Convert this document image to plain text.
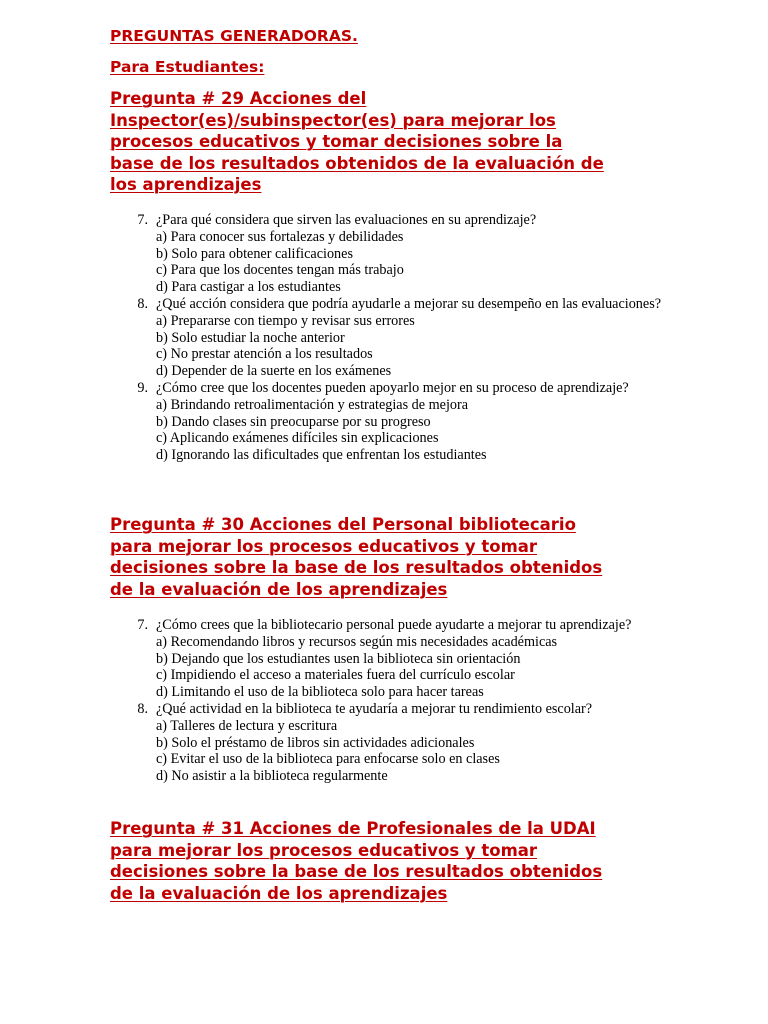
PREGUNTAS GENERADORAS.

Para Estudiantes:

Pregunta # 29 Acciones del
Inspector(es)/subinspector(es) para mejorar los
procesos educativos y tomar decisiones sobre la
base de los resultados obtenidos de la evaluación de
los aprendizajes

7. ¿Para qué considera que sirven las evaluaciones en su aprendizaje?
a) Para conocer sus fortalezas y debilidades
b) Solo para obtener calificaciones
c) Para que los docentes tengan más trabajo
d) Para castigar a los estudiantes
8. ¿Qué acción considera que podría ayudarle a mejorar su desempeño en las evaluaciones?
a) Prepararse con tiempo y revisar sus errores
b) Solo estudiar la noche anterior
c) No prestar atención a los resultados
d) Depender de la suerte en los exámenes
9. ¿Cómo cree que los docentes pueden apoyarlo mejor en su proceso de aprendizaje?
a) Brindando retroalimentación y estrategias de mejora
b) Dando clases sin preocuparse por su progreso
c) Aplicando exámenes difíciles sin explicaciones
d) Ignorando las dificultades que enfrentan los estudiantes

Pregunta # 30 Acciones del Personal bibliotecario
para mejorar los procesos educativos y tomar
decisiones sobre la base de los resultados obtenidos
de la evaluación de los aprendizajes

7. ¿Cómo crees que la bibliotecario personal puede ayudarte a mejorar tu aprendizaje?
a) Recomendando libros y recursos según mis necesidades académicas
b) Dejando que los estudiantes usen la biblioteca sin orientación
c) Impidiendo el acceso a materiales fuera del currículo escolar
d) Limitando el uso de la biblioteca solo para hacer tareas
8. ¿Qué actividad en la biblioteca te ayudaría a mejorar tu rendimiento escolar?
a) Talleres de lectura y escritura
b) Solo el préstamo de libros sin actividades adicionales
c) Evitar el uso de la biblioteca para enfocarse solo en clases
d) No asistir a la biblioteca regularmente

Pregunta # 31 Acciones de Profesionales de la UDAI
para mejorar los procesos educativos y tomar
decisiones sobre la base de los resultados obtenidos
de la evaluación de los aprendizajes
